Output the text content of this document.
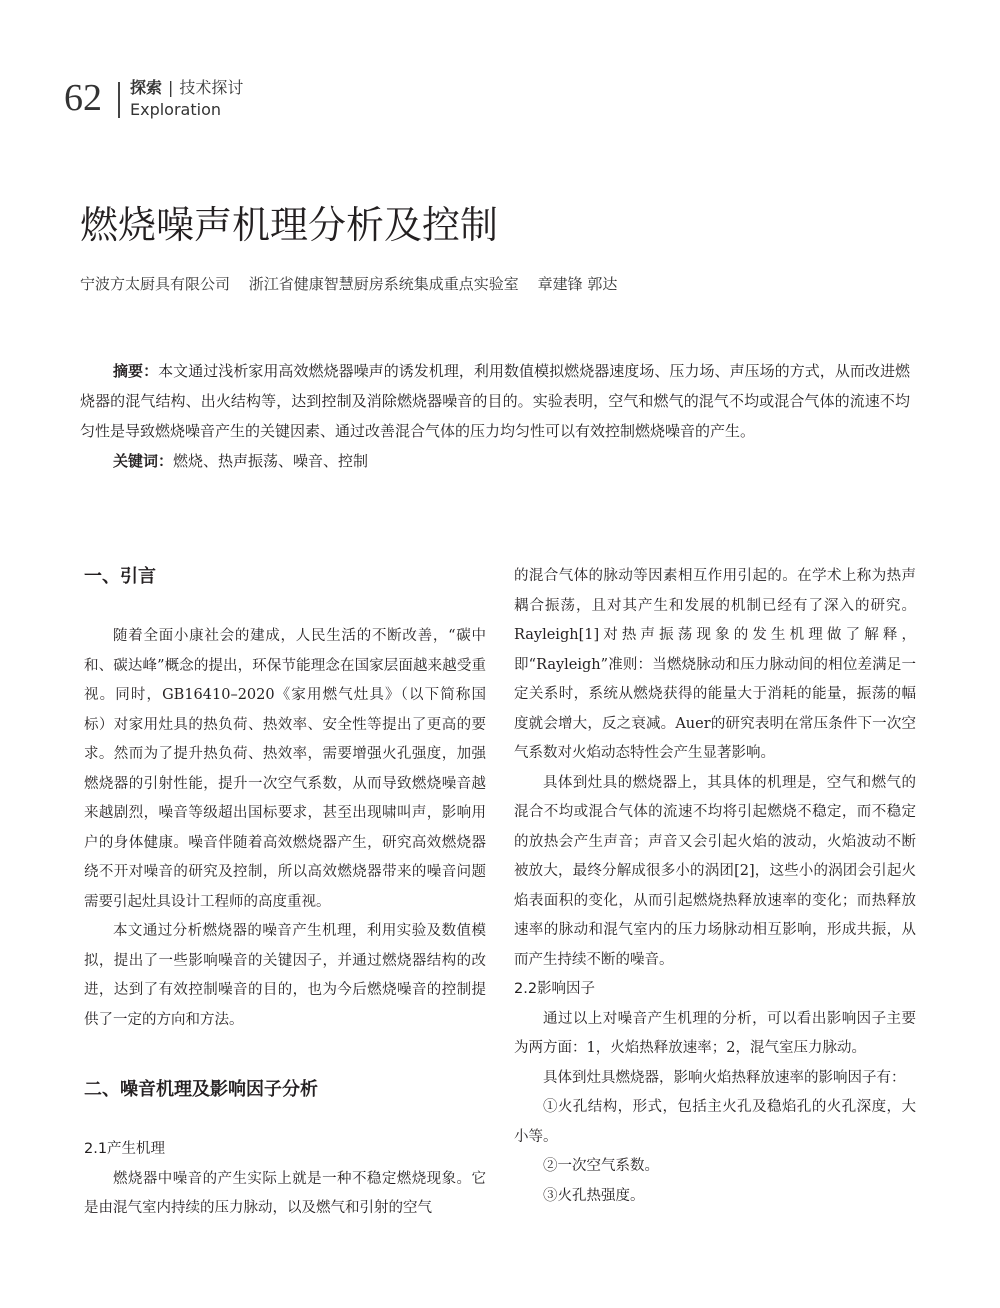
62 探索 | 技术探讨
Exploration
燃烧噪声机理分析及控制
宁波方太厨具有限公司 浙江省健康智慧厨房系统集成重点实验室 章建锋 郭达

摘要：本文通过浅析家用高效燃烧器噪声的诱发机理，利用数值模拟燃烧器速度场、压力场、声压场的方式，从而改进燃烧器的混气结构、出火结构等，达到控制及消除燃烧器噪音的目的。实验表明，空气和燃气的混气不均或混合气体的流速不均匀性是导致燃烧噪音产生的关键因素、通过改善混合气体的压力均匀性可以有效控制燃烧噪音的产生。

关键词：燃烧、热声振荡、噪音、控制

一、引言

随着全面小康社会的建成，人民生活的不断改善，“碳中和、碳达峰”概念的提出，环保节能理念在国家层面越来越受重视。同时，GB16410–2020《家用燃气灶具》（以下简称国标）对家用灶具的热负荷、热效率、安全性等提出了更高的要求。然而为了提升热负荷、热效率，需要增强火孔强度，加强燃烧器的引射性能，提升一次空气系数，从而导致燃烧噪音越来越剧烈，噪音等级超出国标要求，甚至出现啸叫声，影响用户的身体健康。噪音伴随着高效燃烧器产生，研究高效燃烧器绕不开对噪音的研究及控制，所以高效燃烧器带来的噪音问题需要引起灶具设计工程师的高度重视。

本文通过分析燃烧器的噪音产生机理，利用实验及数值模拟，提出了一些影响噪音的关键因子，并通过燃烧器结构的改进，达到了有效控制噪音的目的，也为今后燃烧噪音的控制提供了一定的方向和方法。

二、噪音机理及影响因子分析
2.1产生机理

燃烧器中噪音的产生实际上就是一种不稳定燃烧现象。它是由混气室内持续的压力脉动，以及燃气和引射的空气

的混合气体的脉动等因素相互作用引起的。在学术上称为热声耦合振荡，且对其产生和发展的机制已经有了深入的研究。Rayleigh[1]对热声振荡现象的发生机理做了解释，即“Rayleigh”准则：当燃烧脉动和压力脉动间的相位差满足一定关系时，系统从燃烧获得的能量大于消耗的能量，振荡的幅度就会增大，反之衰减。Auer的研究表明在常压条件下一次空气系数对火焰动态特性会产生显著影响。

具体到灶具的燃烧器上，其具体的机理是，空气和燃气的混合不均或混合气体的流速不均将引起燃烧不稳定，而不稳定的放热会产生声音；声音又会引起火焰的波动，火焰波动不断被放大，最终分解成很多小的涡团[2]，这些小的涡团会引起火焰表面积的变化，从而引起燃烧热释放速率的变化；而热释放速率的脉动和混气室内的压力场脉动相互影响，形成共振，从而产生持续不断的噪音。

2.2影响因子

通过以上对噪音产生机理的分析，可以看出影响因子主要为两方面：1，火焰热释放速率；2，混气室压力脉动。

具体到灶具燃烧器，影响火焰热释放速率的影响因子有：

①火孔结构，形式，包括主火孔及稳焰孔的火孔深度，大小等。

②一次空气系数。

③火孔热强度。
